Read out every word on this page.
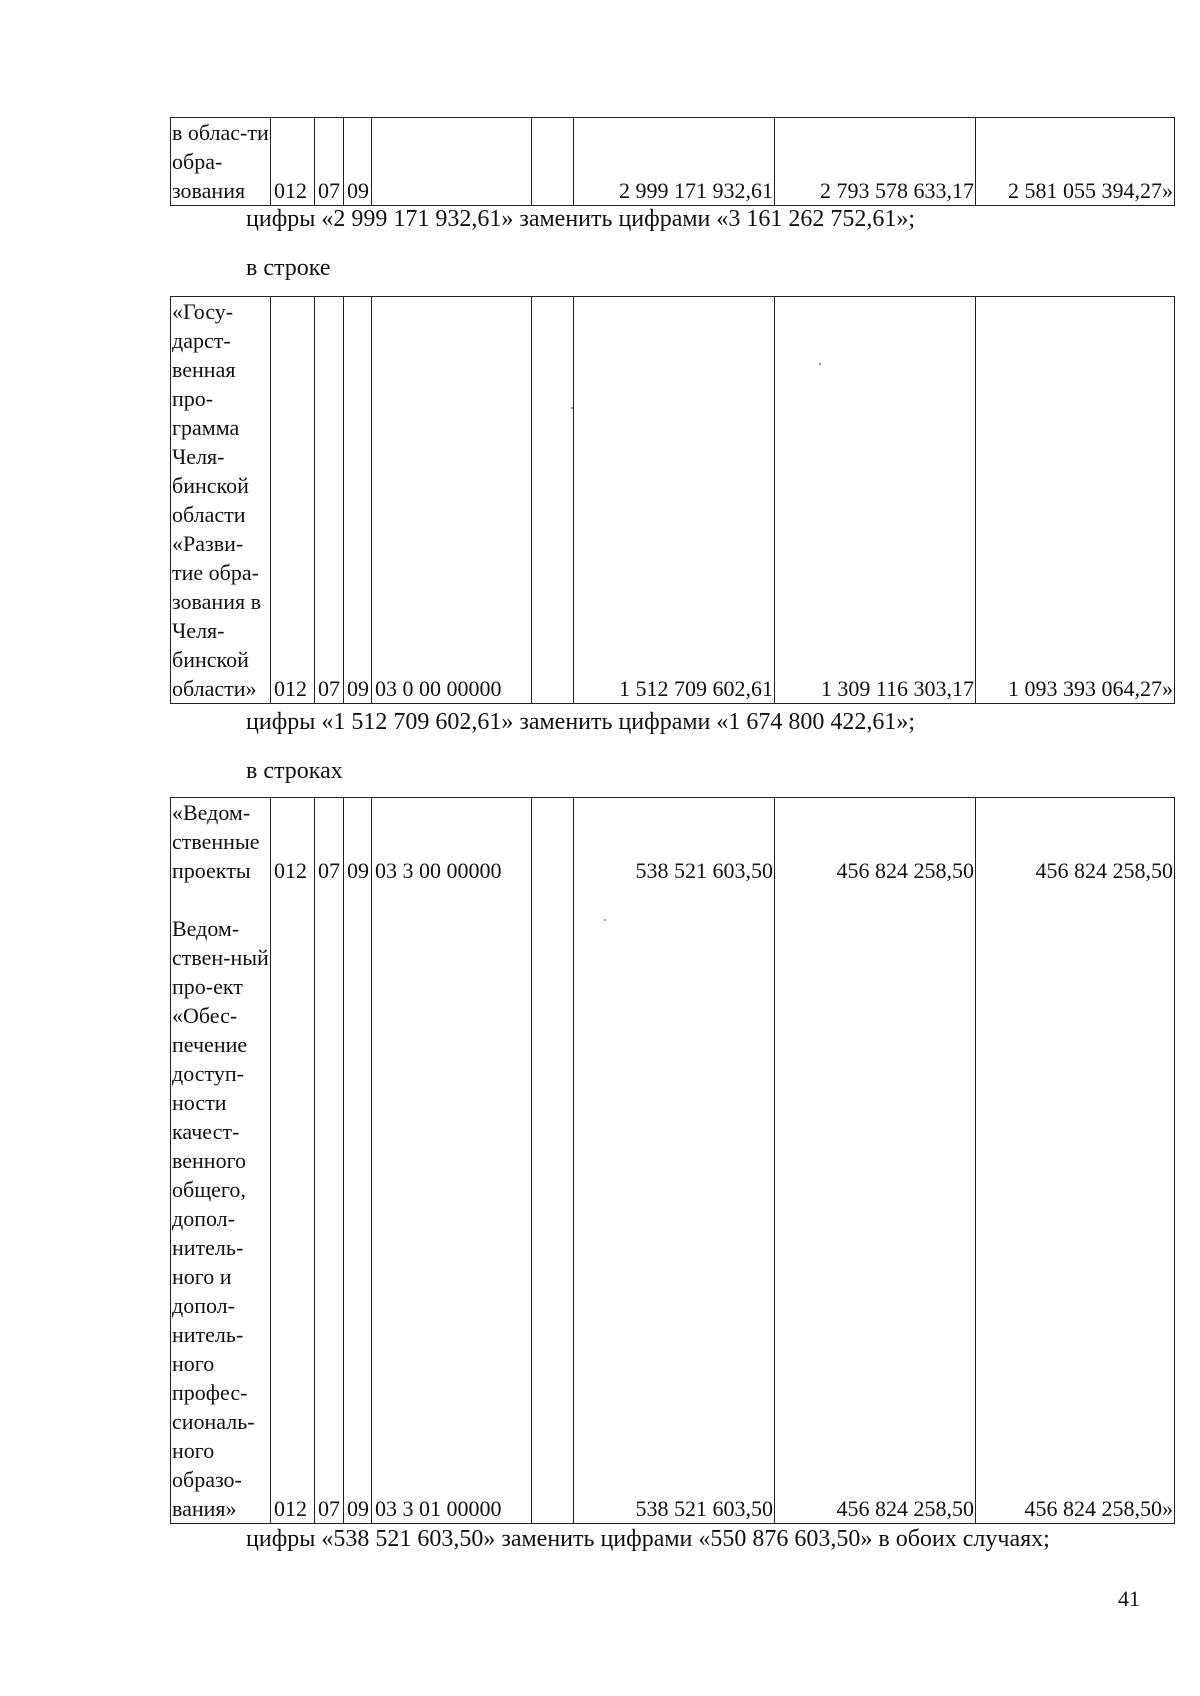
в облас-ти обра-зования	012	07	09			2 999 171 932,61	2 793 578 633,17	2 581 055 394,27»
цифры «2 999 171 932,61» заменить цифрами «3 161 262 752,61»;
в строке
«Госу-дарст-венная про-грамма Челя-бинской области «Разви-тие обра-зования в Челя-бинской области»	012	07	09	03 0 00 00000		1 512 709 602,61	1 309 116 303,17	1 093 393 064,27»
цифры «1 512 709 602,61» заменить цифрами «1 674 800 422,61»;
в строках
«Ведом-ственные проекты	012	07	09	03 3 00 00000		538 521 603,50	456 824 258,50	456 824 258,50
Ведом-ствен-ный про-ект «Обес-печение доступ-ности качест-венного общего, допол-нитель-ного и допол-нитель-ного профес-сиональ-ного образо-вания»	012	07	09	03 3 01 00000		538 521 603,50	456 824 258,50	456 824 258,50»
цифры «538 521 603,50» заменить цифрами «550 876 603,50» в обоих случаях;
41
